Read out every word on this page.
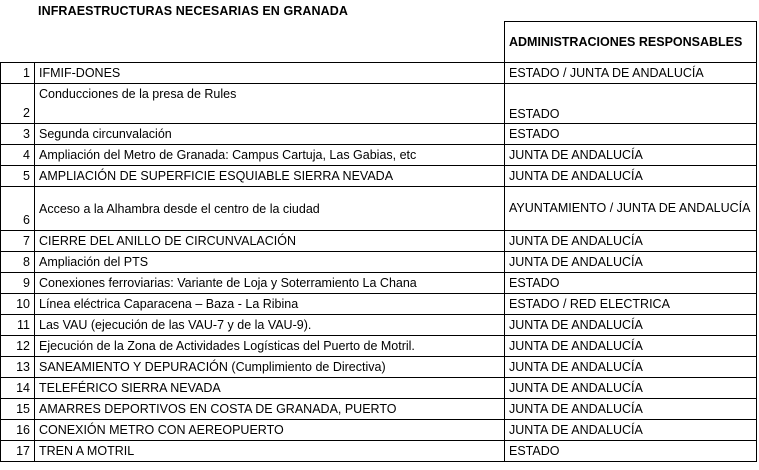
INFRAESTRUCTURAS NECESARIAS EN GRANADA
		ADMINISTRACIONES RESPONSABLES
1	IFMIF-DONES	ESTADO / JUNTA DE ANDALUCÍA
2	Conducciones de la presa de Rules	ESTADO
3	Segunda circunvalación	ESTADO
4	Ampliación del Metro de Granada: Campus Cartuja, Las Gabias, etc	JUNTA DE ANDALUCÍA
5	AMPLIACIÓN DE SUPERFICIE ESQUIABLE SIERRA NEVADA	JUNTA DE ANDALUCÍA
6	Acceso a la Alhambra desde el centro de la ciudad	AYUNTAMIENTO / JUNTA DE ANDALUCÍA
7	CIERRE DEL ANILLO DE CIRCUNVALACIÓN	JUNTA DE ANDALUCÍA
8	Ampliación del PTS	JUNTA DE ANDALUCÍA
9	Conexiones ferroviarias: Variante de Loja y Soterramiento La Chana	ESTADO
10	Línea eléctrica Caparacena – Baza - La Ribina	ESTADO / RED ELECTRICA
11	Las VAU (ejecución de las VAU-7 y de la VAU-9).	JUNTA DE ANDALUCÍA
12	Ejecución de la Zona de Actividades Logísticas del Puerto de Motril.	JUNTA DE ANDALUCÍA
13	SANEAMIENTO Y DEPURACIÓN (Cumplimiento de Directiva)	JUNTA DE ANDALUCÍA
14	TELEFÉRICO SIERRA NEVADA	JUNTA DE ANDALUCÍA
15	AMARRES DEPORTIVOS EN COSTA DE GRANADA, PUERTO	JUNTA DE ANDALUCÍA
16	CONEXIÓN METRO CON AEREOPUERTO	JUNTA DE ANDALUCÍA
17	TREN A MOTRIL	ESTADO
